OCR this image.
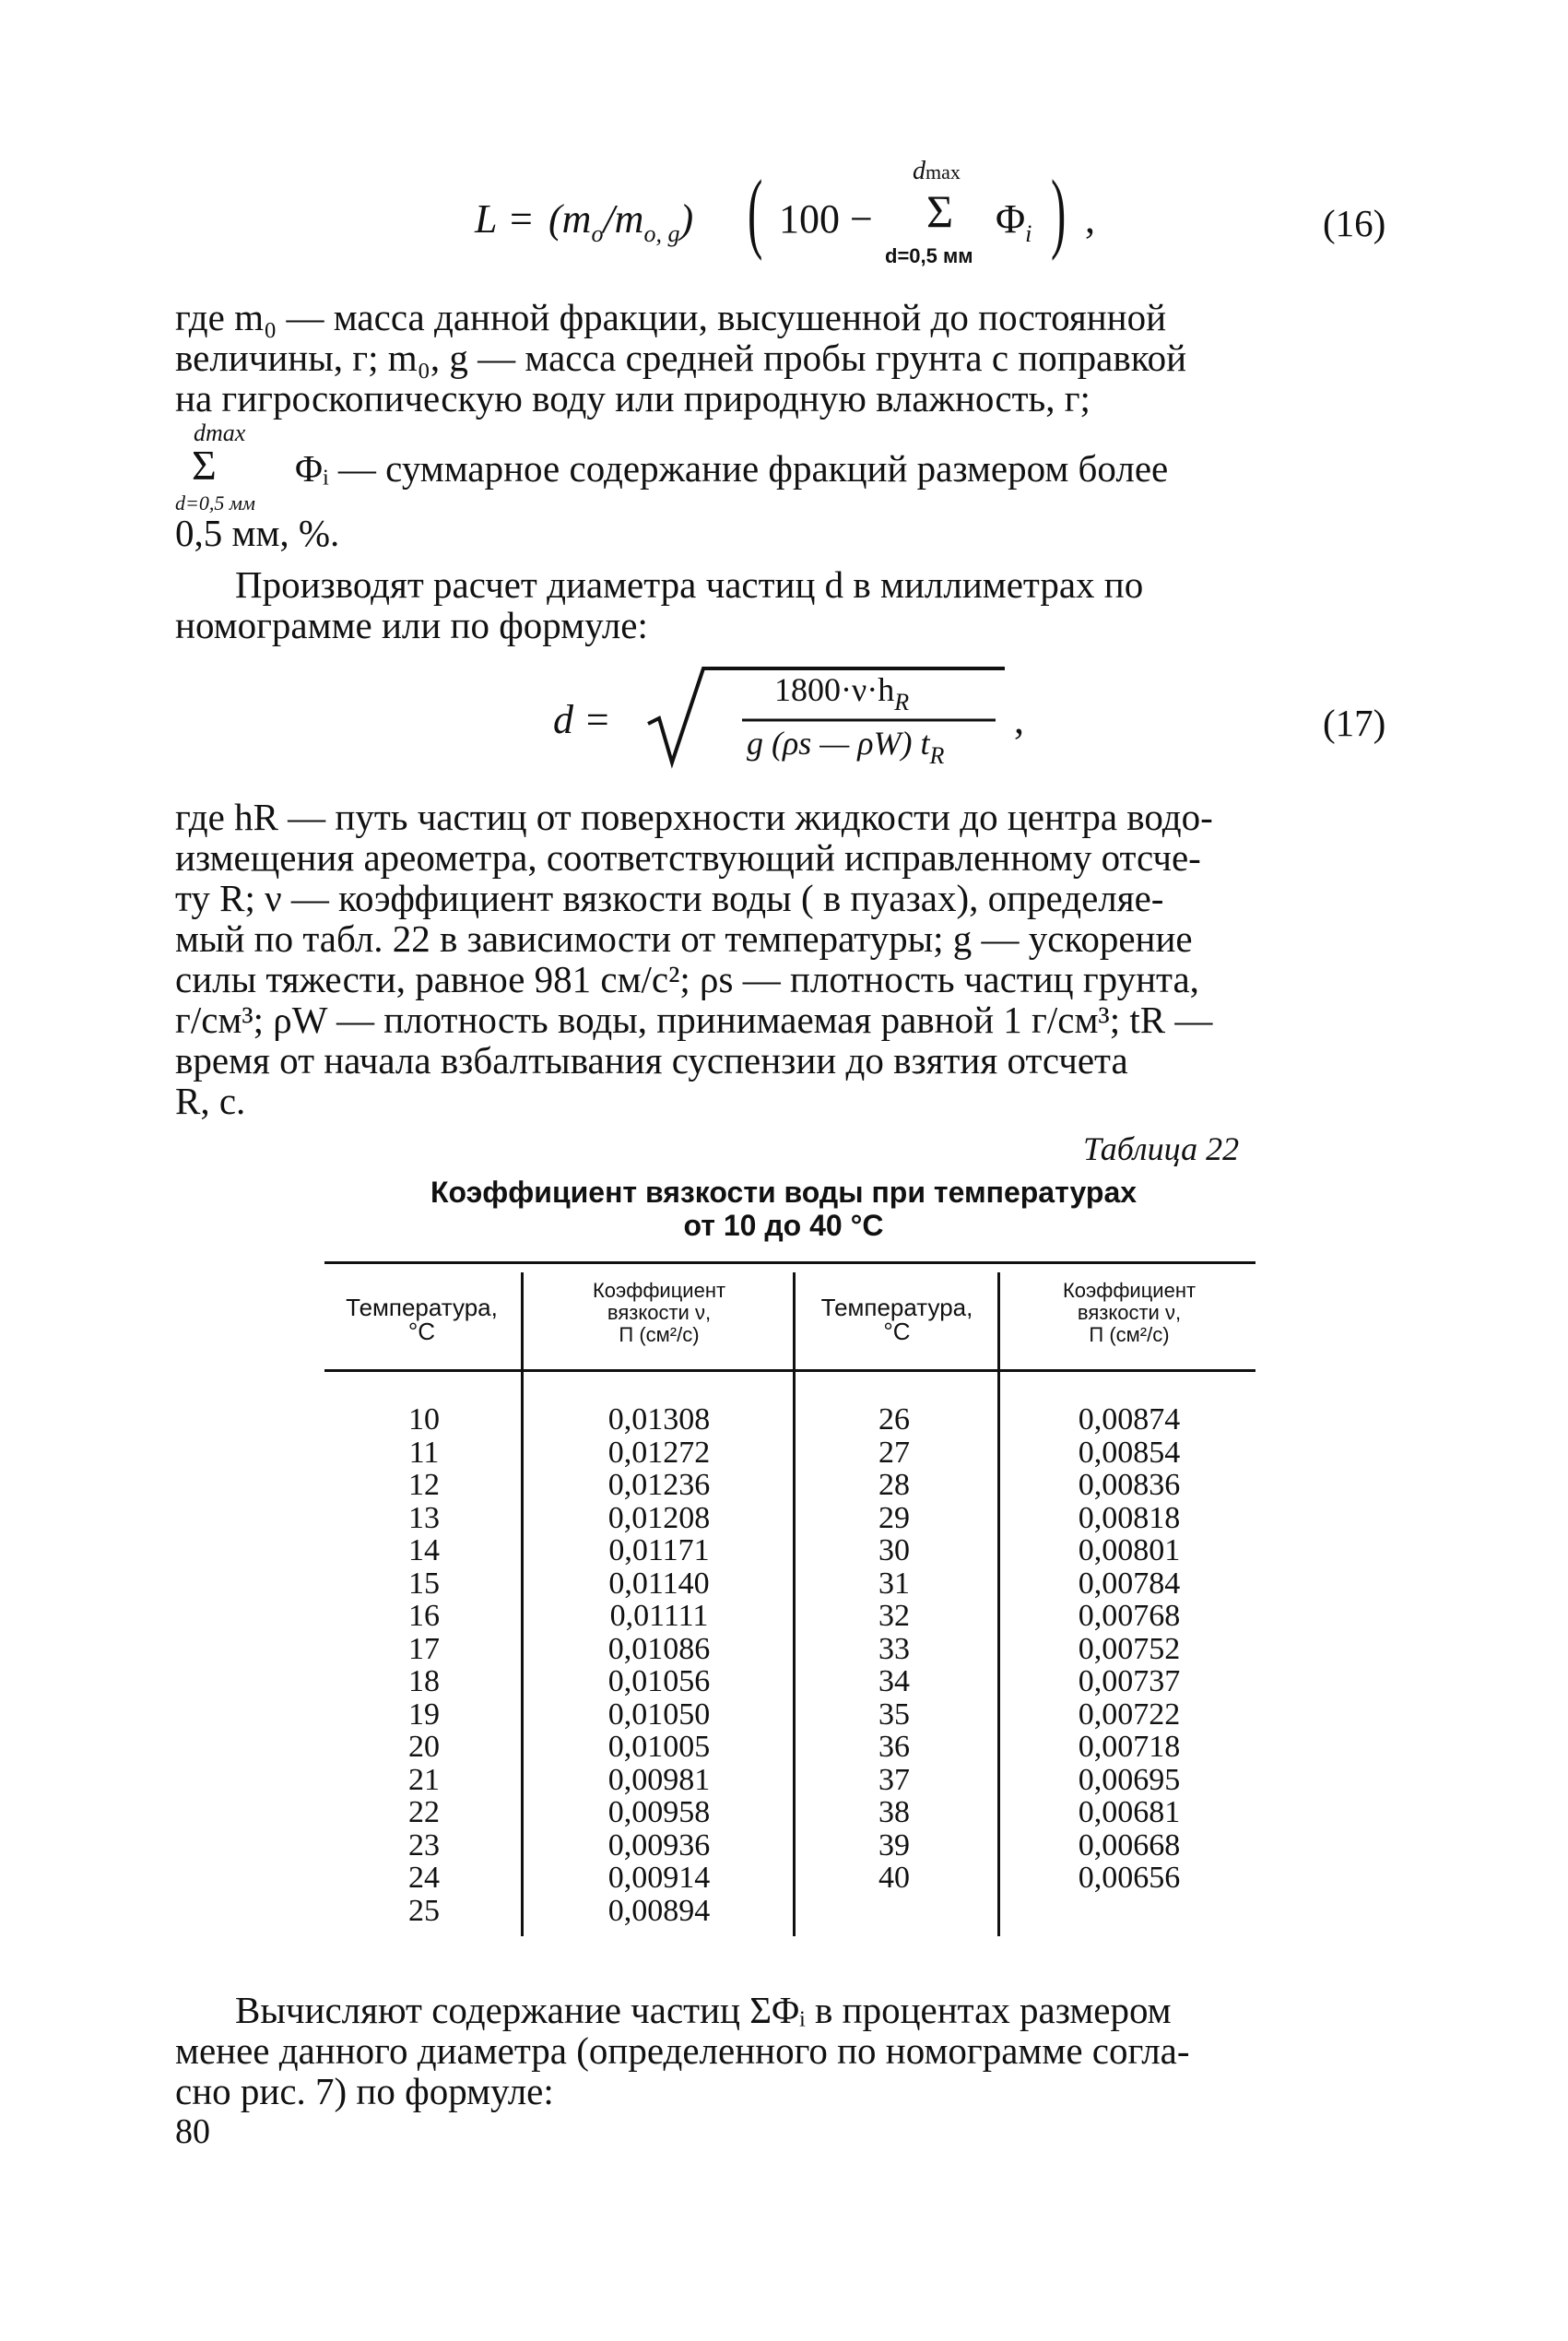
$L = (m_o/m_{o, g})$ ( 100 −
dmax
Σ
d=0,5 мм
$\Phi_i$ ) ,	(16)
где m₀ — масса данной фракции, высушенной до постоянной
величины, г; m₀, g — масса средней пробы грунта с поправкой
на гигроскопическую воду или природную влажность, г;
dmax
Σ
d=0,5 мм
Φᵢ — суммарное содержание фракций размером более
0,5 мм, %.
Производят расчет диаметра частиц d в миллиметрах по
номограмме или по формуле:
d =
$1800\cdot\nu\cdot h_R$
g (ρs — ρW) $t_R$
,	(17)
где hR — путь частиц от поверхности жидкости до центра водо-
измещения ареометра, соответствующий исправленному отсче-
ту R; ν — коэффициент вязкости воды ( в пуазах), определяе-
мый по табл. 22 в зависимости от температуры; g — ускорение
силы тяжести, равное 981 см/с²; ρs — плотность частиц грунта,
г/см³; ρW — плотность воды, принимаемая равной 1 г/см³; tR —
время от начала взбалтывания суспензии до взятия отсчета
R, с.
Таблица 22
Коэффициент вязкости воды при температурах
от 10 до 40 °С
Температура,
°С
Коэффициент
вязкости ν,
П (см²/с)
Температура,
°С
Коэффициент
вязкости ν,
П (см²/с)
10
11
12
13
14
15
16
17
18
19
20
21
22
23
24
25
0,01308
0,01272
0,01236
0,01208
0,01171
0,01140
0,01111
0,01086
0,01056
0,01050
0,01005
0,00981
0,00958
0,00936
0,00914
0,00894
26
27
28
29
30
31
32
33
34
35
36
37
38
39
40
0,00874
0,00854
0,00836
0,00818
0,00801
0,00784
0,00768
0,00752
0,00737
0,00722
0,00718
0,00695
0,00681
0,00668
0,00656
Вычисляют содержание частиц ΣΦᵢ в процентах размером
менее данного диаметра (определенного по номограмме согла-
сно рис. 7) по формуле:
80
